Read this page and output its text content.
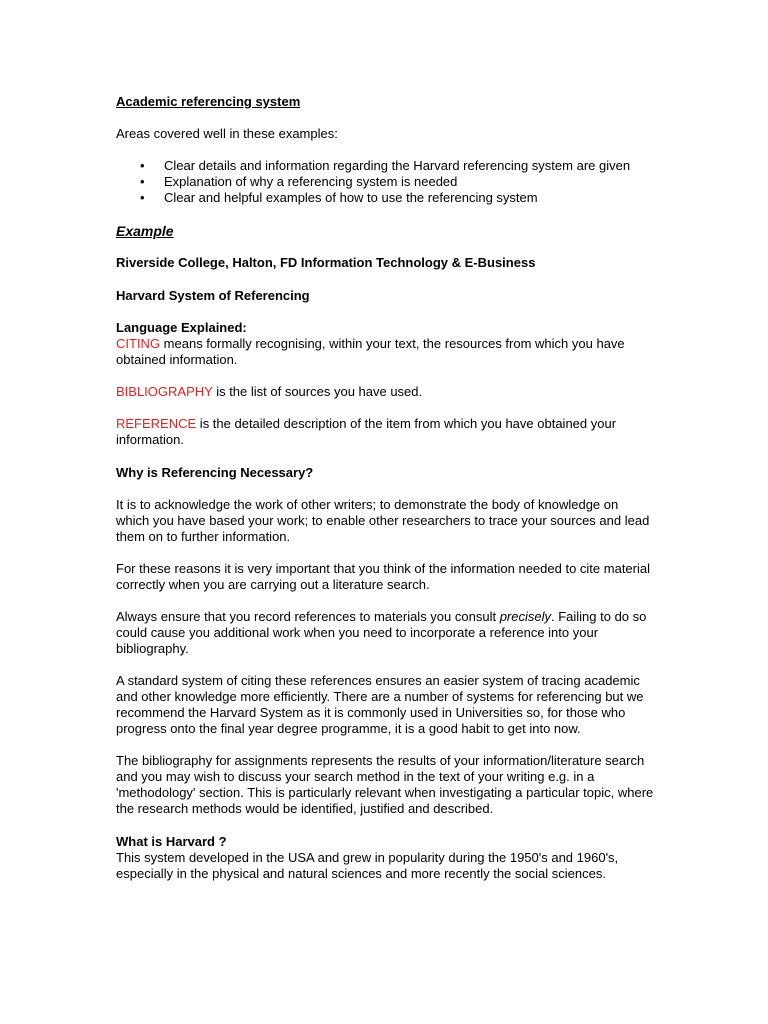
Academic referencing system

Areas covered well in these examples:

• Clear details and information regarding the Harvard referencing system are given
• Explanation of why a referencing system is needed
• Clear and helpful examples of how to use the referencing system

Example

Riverside College, Halton, FD Information Technology & E-Business

Harvard System of Referencing

Language Explained:

CITING means formally recognising, within your text, the resources from which you have obtained information.

BIBLIOGRAPHY is the list of sources you have used.

REFERENCE is the detailed description of the item from which you have obtained your information.

Why is Referencing Necessary?

It is to acknowledge the work of other writers; to demonstrate the body of knowledge on which you have based your work; to enable other researchers to trace your sources and lead them on to further information.

For these reasons it is very important that you think of the information needed to cite material correctly when you are carrying out a literature search.

Always ensure that you record references to materials you consult precisely. Failing to do so could cause you additional work when you need to incorporate a reference into your bibliography.

A standard system of citing these references ensures an easier system of tracing academic and other knowledge more efficiently. There are a number of systems for referencing but we recommend the Harvard System as it is commonly used in Universities so, for those who progress onto the final year degree programme, it is a good habit to get into now.

The bibliography for assignments represents the results of your information/literature search and you may wish to discuss your search method in the text of your writing e.g. in a 'methodology' section. This is particularly relevant when investigating a particular topic, where the research methods would be identified, justified and described.

What is Harvard ?

This system developed in the USA and grew in popularity during the 1950's and 1960's, especially in the physical and natural sciences and more recently the social sciences.
